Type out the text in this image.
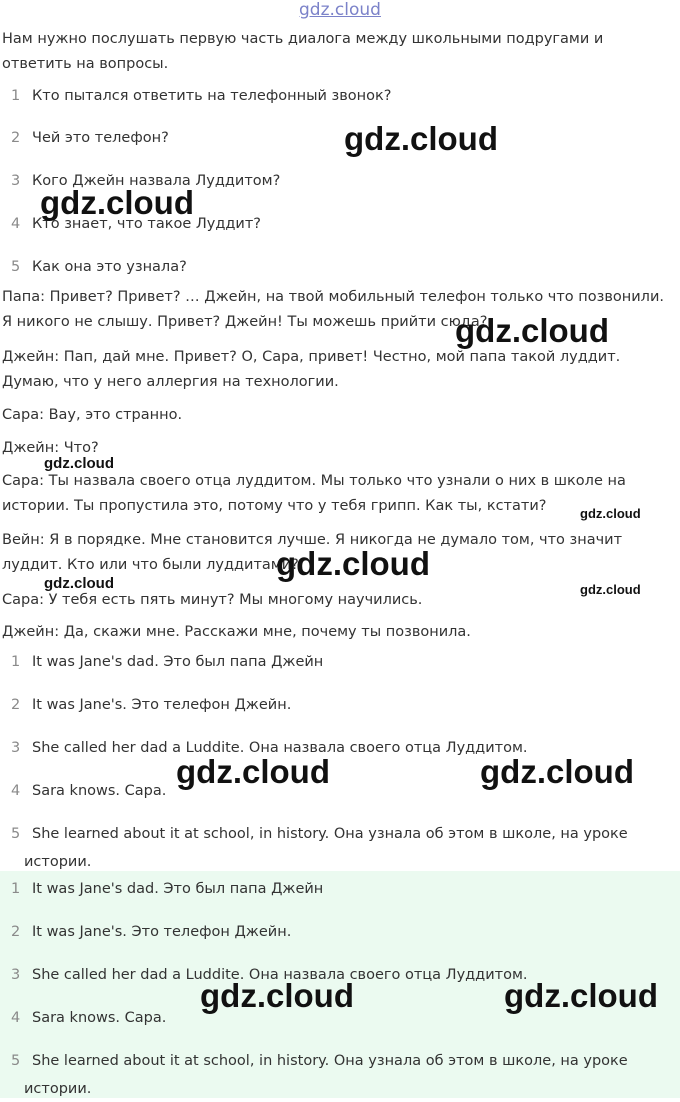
gdz.cloud
Нам нужно послушать первую часть диалога между школьными подругами и ответить на вопросы.
1 Кто пытался ответить на телефонный звонок?
2 Чей это телефон?
3 Кого Джейн назвала Луддитом?
4 Кто знает, что такое Луддит?
5 Как она это узнала?
Папа: Привет? Привет? … Джейн, на твой мобильный телефон только что позвонили. Я никого не слышу. Привет? Джейн! Ты можешь прийти сюда?
Джейн: Пап, дай мне. Привет? О, Сара, привет! Честно, мой папа такой луддит. Думаю, что у него аллергия на технологии.
Сара: Вау, это странно.
Джейн: Что?
Сара: Ты назвала своего отца луддитом. Мы только что узнали о них в школе на истории. Ты пропустила это, потому что у тебя грипп. Как ты, кстати?
Вейн: Я в порядке. Мне становится лучше. Я никогда не думало том, что значит луддит. Кто или что были луддитами?
Сара: У тебя есть пять минут? Мы многому научились.
Джейн: Да, скажи мне. Расскажи мне, почему ты позвонила.
1 It was Jane's dad. Это был папа Джейн
2 It was Jane's. Это телефон Джейн.
3 She called her dad a Luddite. Она назвала своего отца Луддитом.
4 Sara knows. Сара.
5 She learned about it at school, in history. Она узнала об этом в школе, на уроке
истории.
1 It was Jane's dad. Это был папа Джейн
2 It was Jane's. Это телефон Джейн.
3 She called her dad a Luddite. Она назвала своего отца Луддитом.
4 Sara knows. Сара.
5 She learned about it at school, in history. Она узнала об этом в школе, на уроке
истории.
gdz.cloud
gdz.cloud
gdz.cloud
gdz.cloud
gdz.cloud
gdz.cloud
gdz.cloud	gdz.cloud
gdz.cloud	gdz.cloud
gdz.cloud	gdz.cloud
